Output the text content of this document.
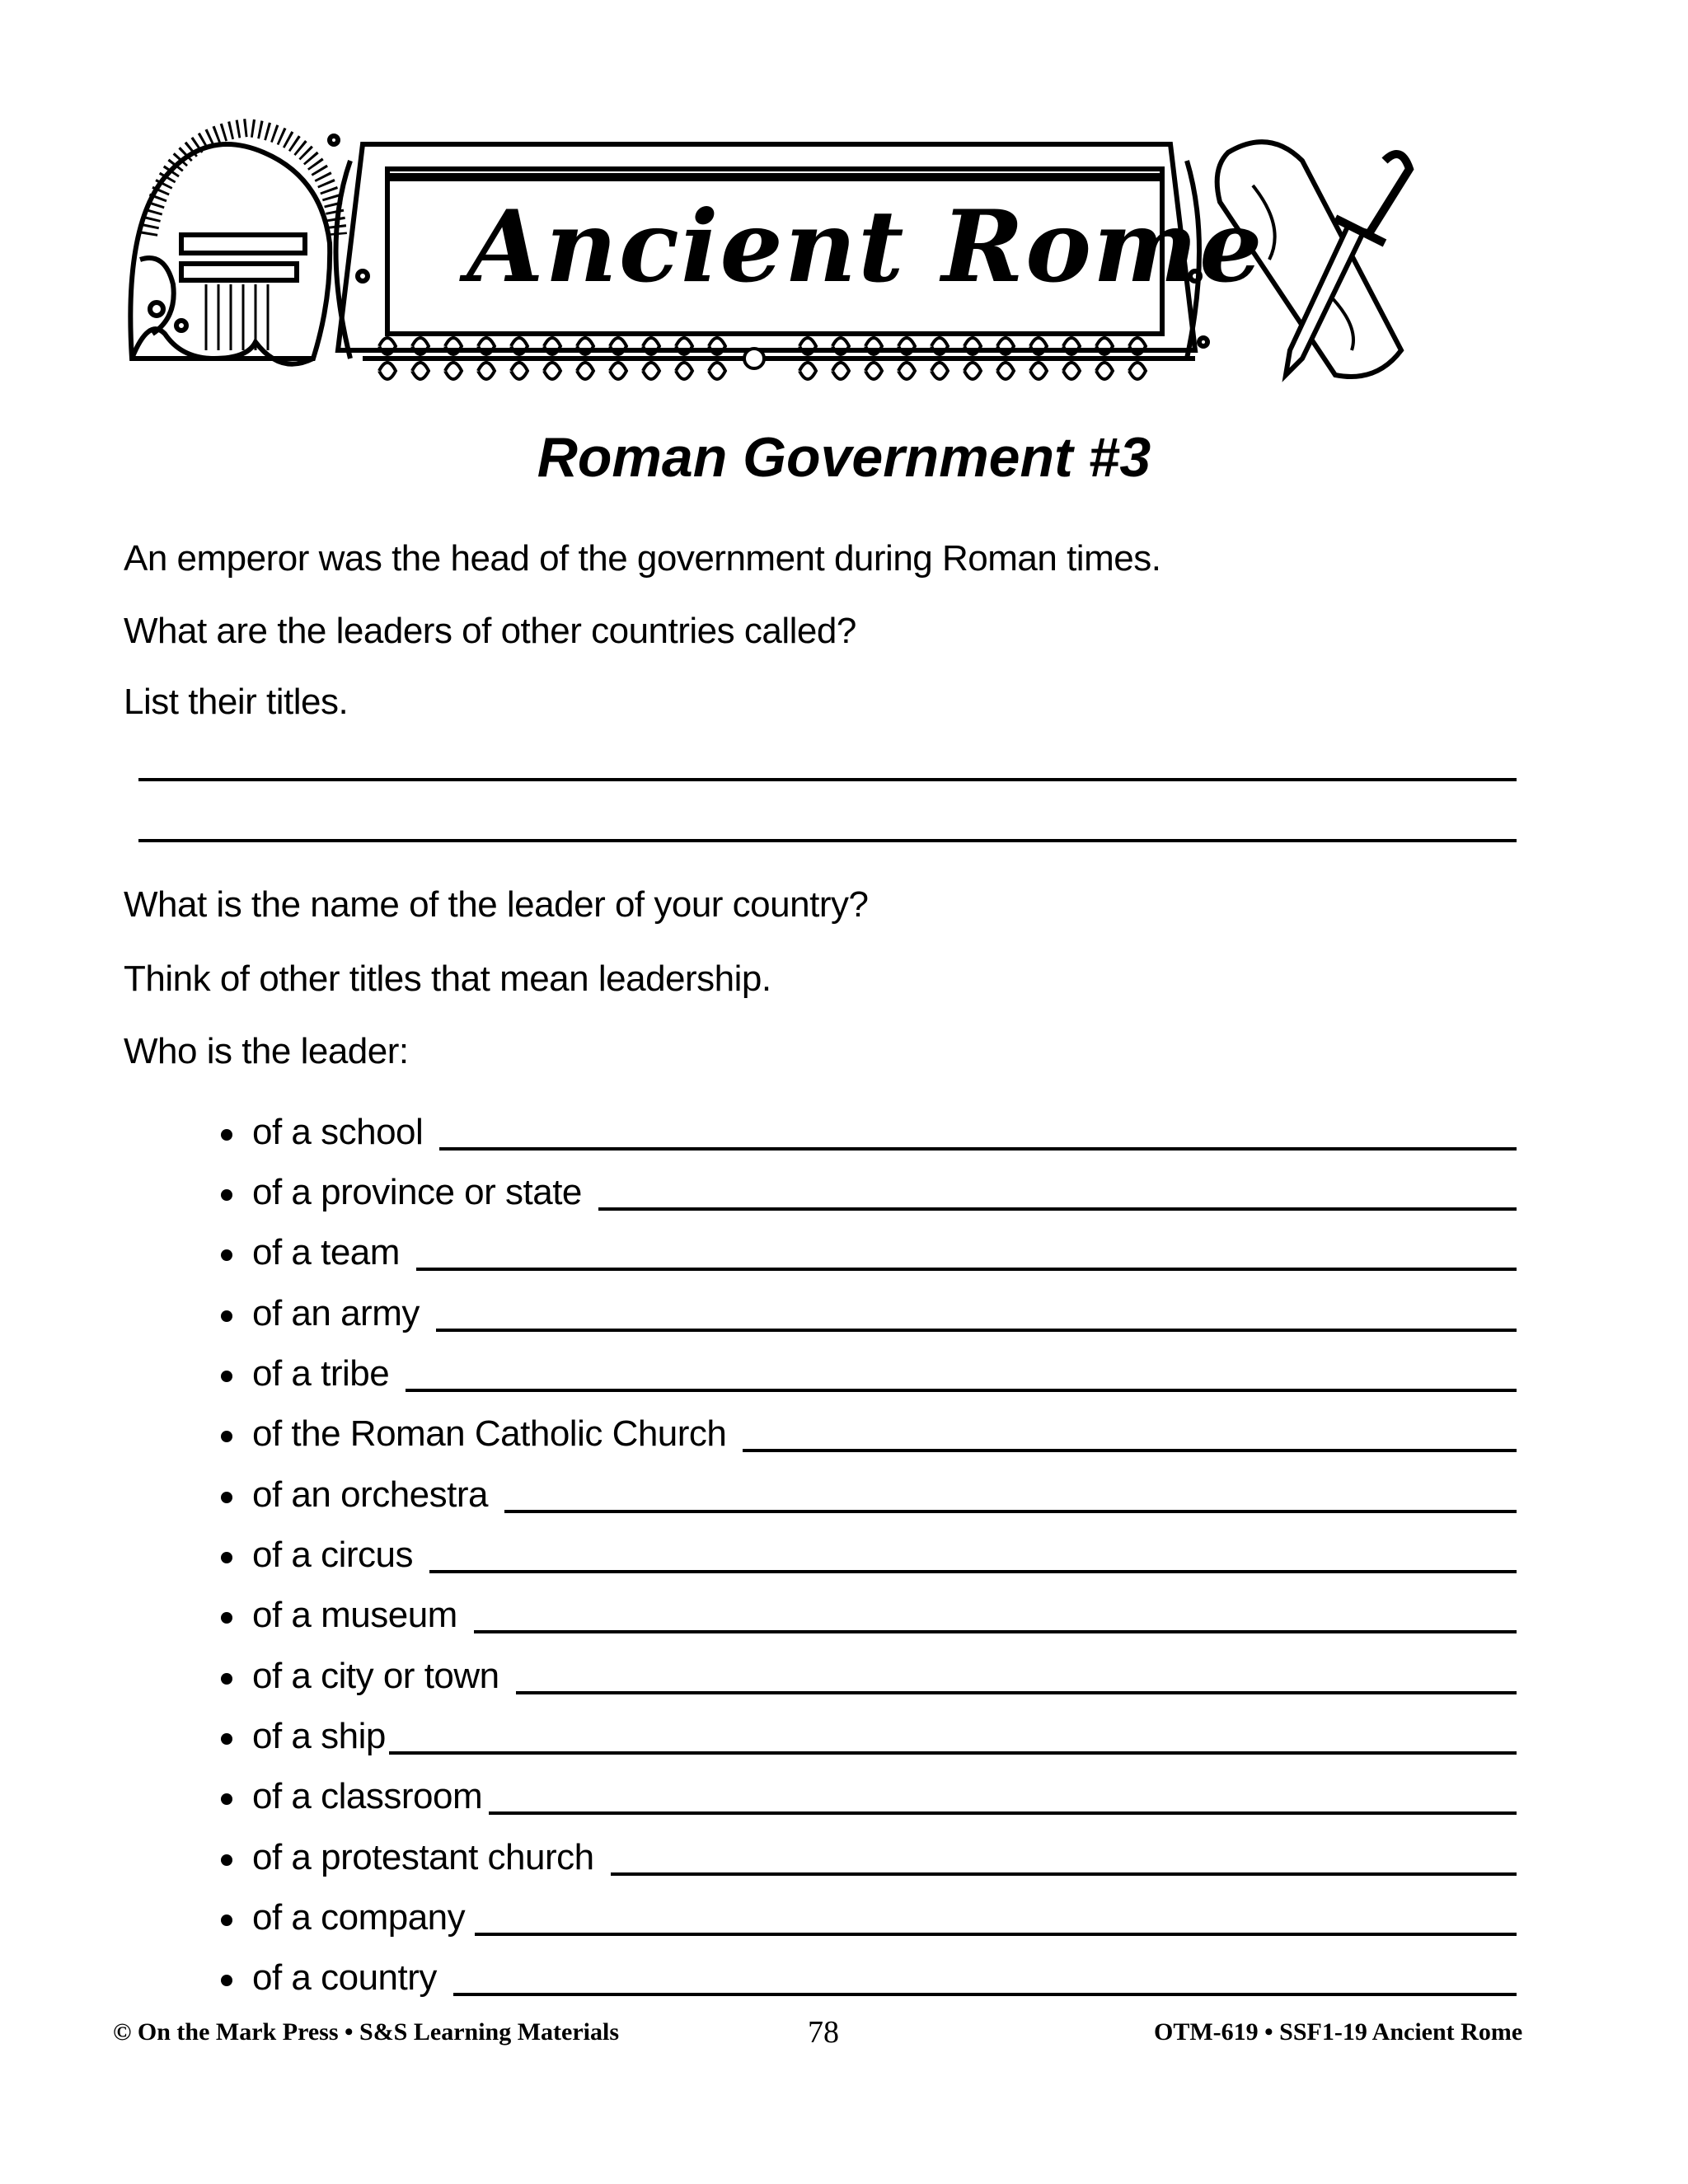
Ancient Rome
Roman Government #3
An emperor was the head of the government during Roman times.
What are the leaders of other countries called?
List their titles.
What is the name of the leader of your country?
Think of other titles that mean leadership.
Who is the leader:
of a school
of a province or state
of a team
of an army
of a tribe
of the Roman Catholic Church
of an orchestra
of a circus
of a museum
of a city or town
of a ship
of a classroom
of a protestant church
of a company
of a country
© On the Mark Press • S&S Learning Materials	78	OTM-619 • SSF1-19 Ancient Rome
